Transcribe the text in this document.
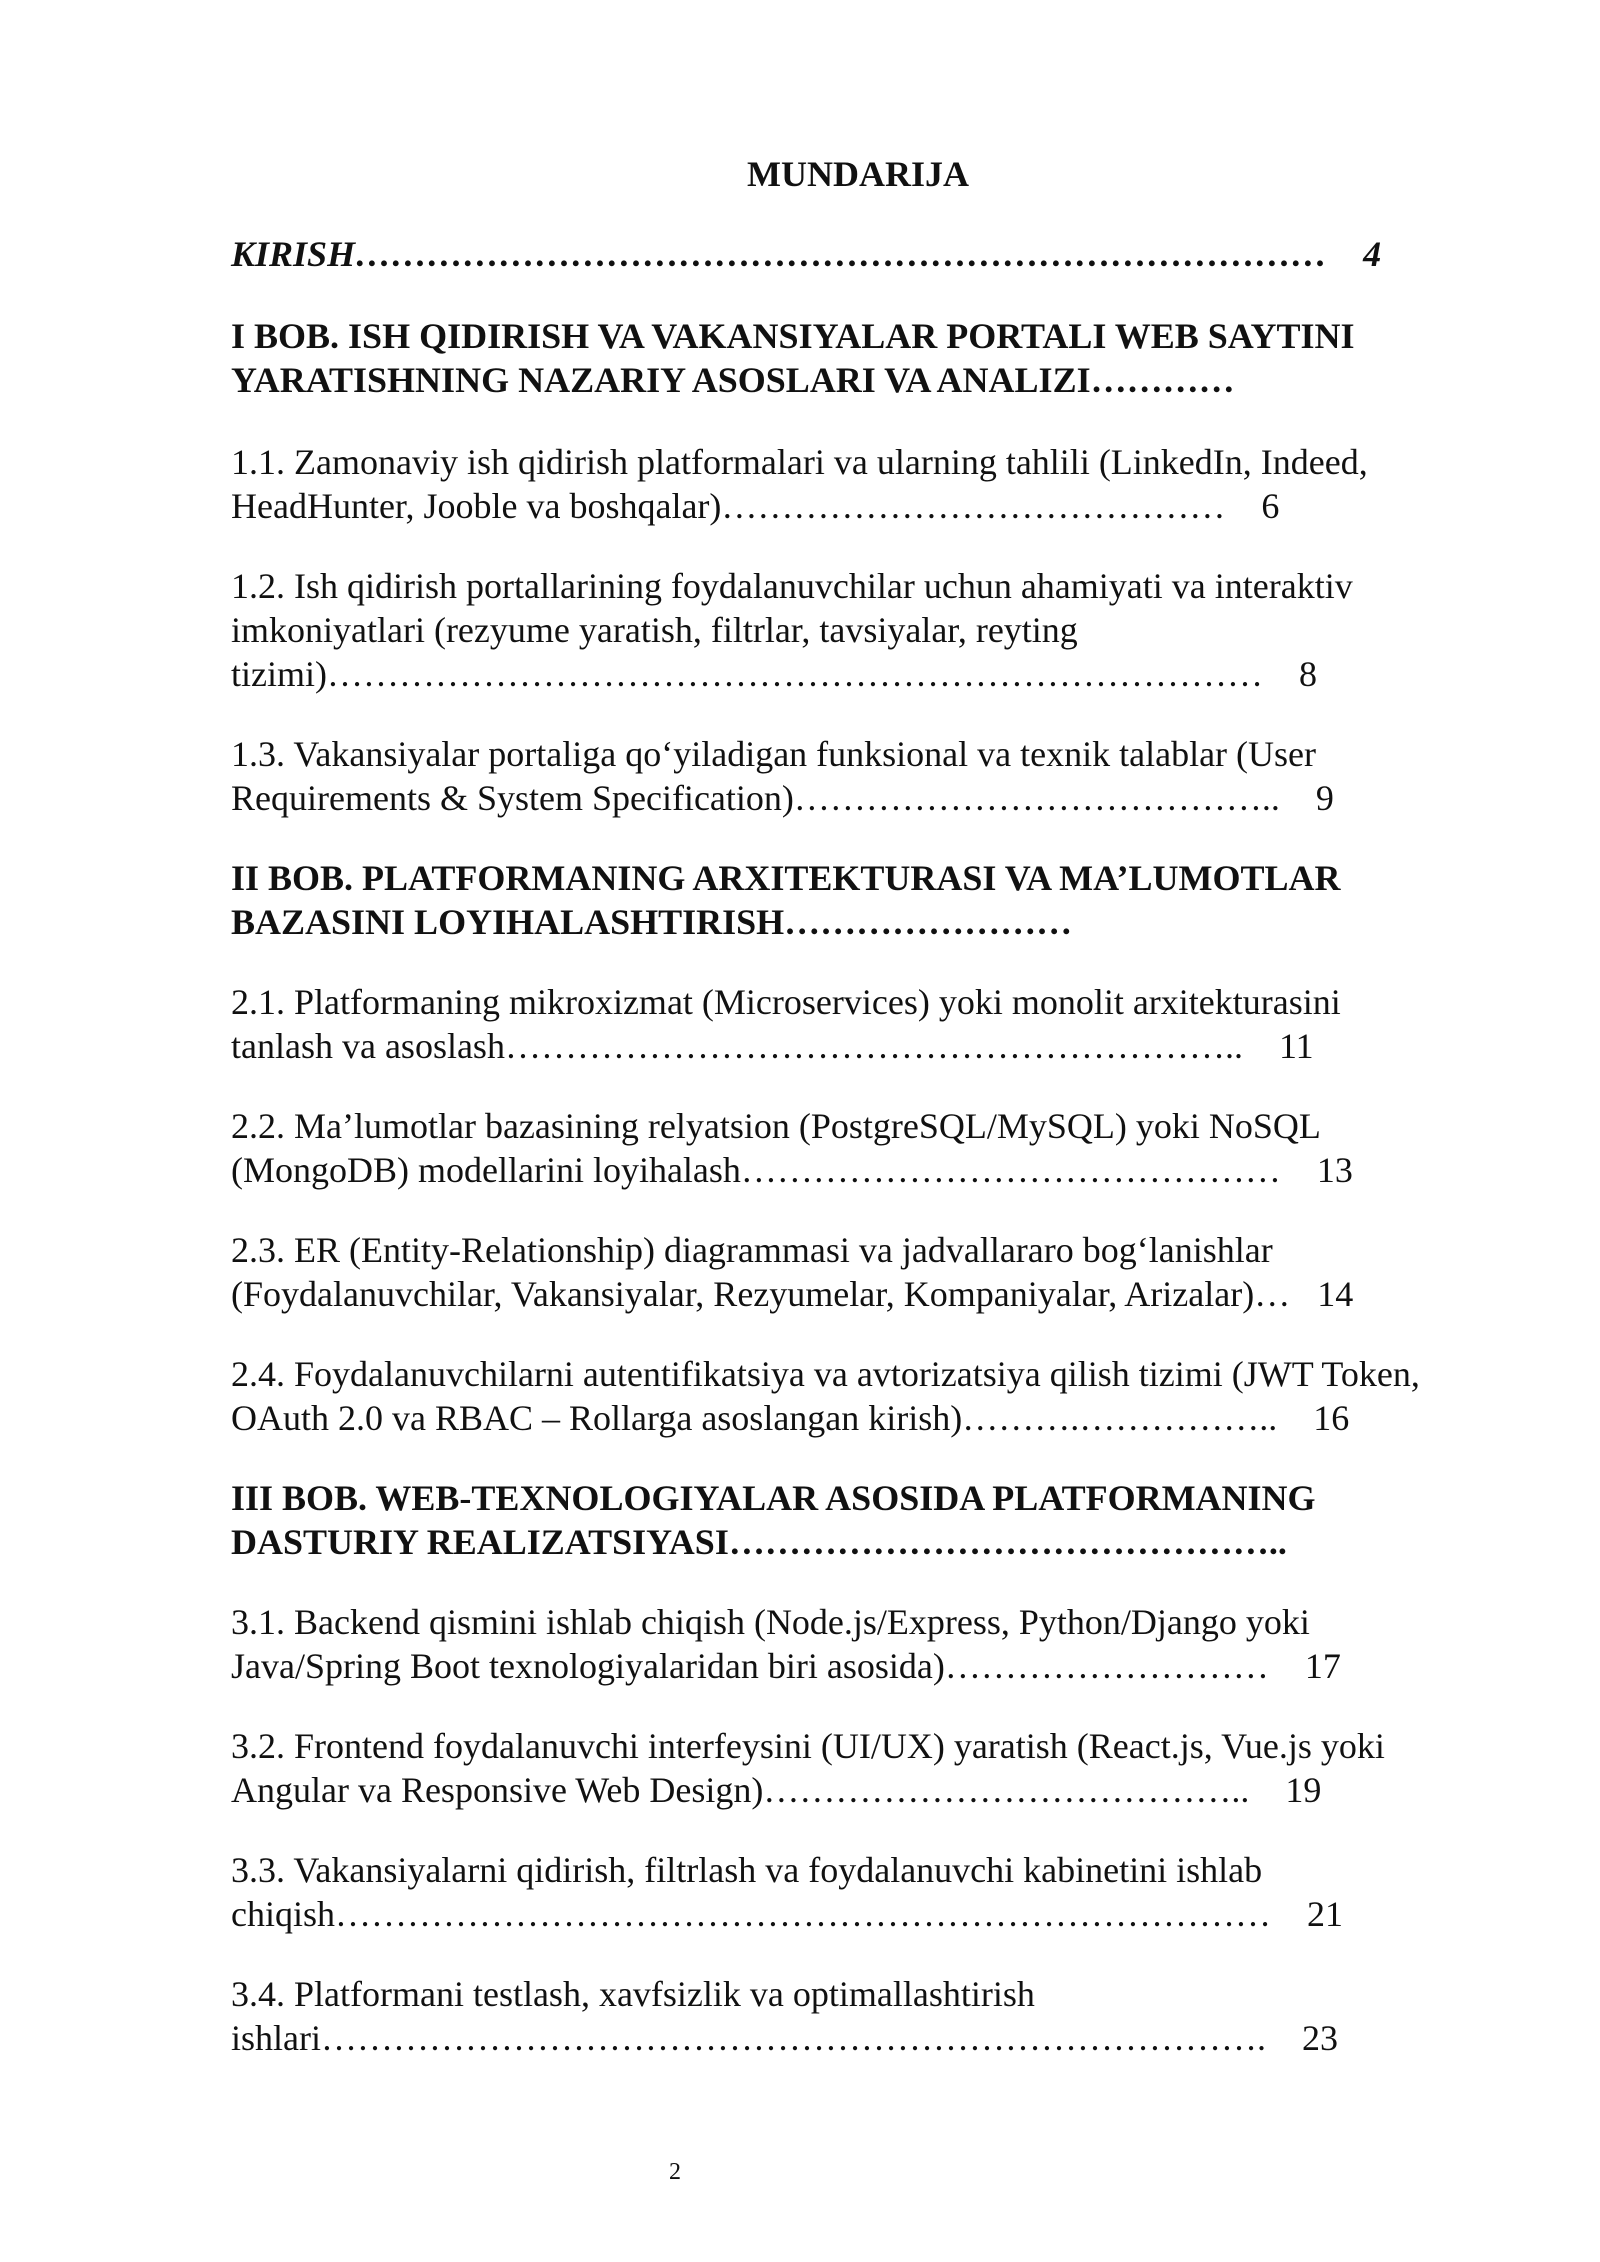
MUNDARIJA
KIRISH………………………………………………………………………    4
I BOB. ISH QIDIRISH VA VAKANSIYALAR PORTALI WEB SAYTINI
YARATISHNING NAZARIY ASOSLARI VA ANALIZI…………
1.1. Zamonaviy ish qidirish platformalari va ularning tahlili (LinkedIn, Indeed,
HeadHunter, Jooble va boshqalar)……………………………………    6
1.2. Ish qidirish portallarining foydalanuvchilar uchun ahamiyati va interaktiv
imkoniyatlari (rezyume yaratish, filtrlar, tavsiyalar, reyting
tizimi)……………………………………………………………………    8
1.3. Vakansiyalar portaliga qo‘yiladigan funksional va texnik talablar (User
Requirements & System Specification)…………………………………..    9
II BOB. PLATFORMANING ARXITEKTURASI VA MA’LUMOTLAR
BAZASINI LOYIHALASHTIRISH……………………
2.1. Platformaning mikroxizmat (Microservices) yoki monolit arxitekturasini
tanlash va asoslash……………………………………………………..    11
2.2. Ma’lumotlar bazasining relyatsion (PostgreSQL/MySQL) yoki NoSQL
(MongoDB) modellarini loyihalash………………………………………    13
2.3. ER (Entity-Relationship) diagrammasi va jadvallararo bog‘lanishlar
(Foydalanuvchilar, Vakansiyalar, Rezyumelar, Kompaniyalar, Arizalar)…   14
2.4. Foydalanuvchilarni autentifikatsiya va avtorizatsiya qilish tizimi (JWT Token,
OAuth 2.0 va RBAC – Rollarga asoslangan kirish)……….……………..    16
III BOB. WEB-TEXNOLOGIYALAR ASOSIDA PLATFORMANING
DASTURIY REALIZATSIYASI………………………………………..
3.1. Backend qismini ishlab chiqish (Node.js/Express, Python/Django yoki
Java/Spring Boot texnologiyalaridan biri asosida)………………………    17
3.2. Frontend foydalanuvchi interfeysini (UI/UX) yaratish (React.js, Vue.js yoki
Angular va Responsive Web Design)…………………………………..    19
3.3. Vakansiyalarni qidirish, filtrlash va foydalanuvchi kabinetini ishlab
chiqish……………………………………………………………………    21
3.4. Platformani testlash, xavfsizlik va optimallashtirish
ishlari…………………………………………………………………….    23
2
